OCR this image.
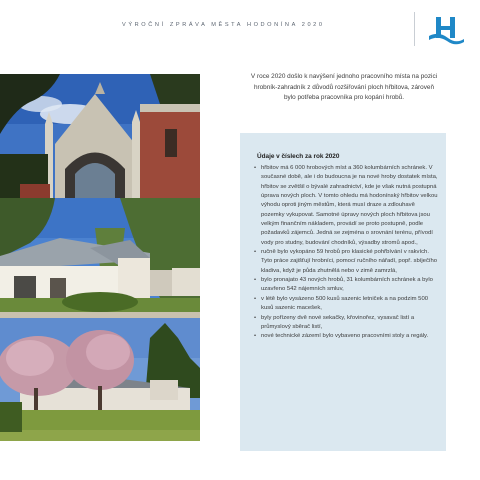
VÝROČNÍ ZPRÁVA MĚSTA HODONÍNA 2020
V roce 2020 došlo k navýšení jednoho pracovního místa na pozici hrobník-zahradník z důvodů rozšiřování ploch hřbitova, zároveň bylo potřeba pracovníka pro kopání hrobů.
Údaje v číslech za rok 2020
• hřbitov má 6 000 hrobových míst a 360 kolumbárních schránek. V současné době, ale i do budoucna je na nové hroby dostatek místa, hřbitov se zvětšil o bývalé zahradnictví, kde je však nutná postupná úprava nových ploch. V tomto ohledu má hodonínský hřbitov velkou výhodu oproti jiným městům, která musí draze a zdlouhavě pozemky vykupovat. Samotné úpravy nových ploch hřbitova jsou velkým finančním nákladem, provádí se proto postupně, podle požadavků zájemců. Jedná se zejména o srovnání terénu, přívodí vody pro studny, budování chodníků, výsadby stromů apod.,
• ručně bylo vykopáno 59 hrobů pro klasické pohřbívání v rakvích. Tyto práce zajišťují hrobníci, pomocí ručního nářadí, popř. sbíječího kladiva, když je půda zhutnělá nebo v zimě zamrzlá,
• bylo pronajato 43 nových hrobů, 31 kolumbárních schránek a bylo uzavřeno 542 nájemních smluv,
• v létě bylo vysázeno 500 kusů sazenic letniček a na podzim 500 kusů sazenic macešek,
• byly pořízeny dvě nové sekačky, křovinořez, vysavač listí a průmyslový sběrač listí,
• nové technické zázemí bylo vybaveno pracovními stoly a regály.
